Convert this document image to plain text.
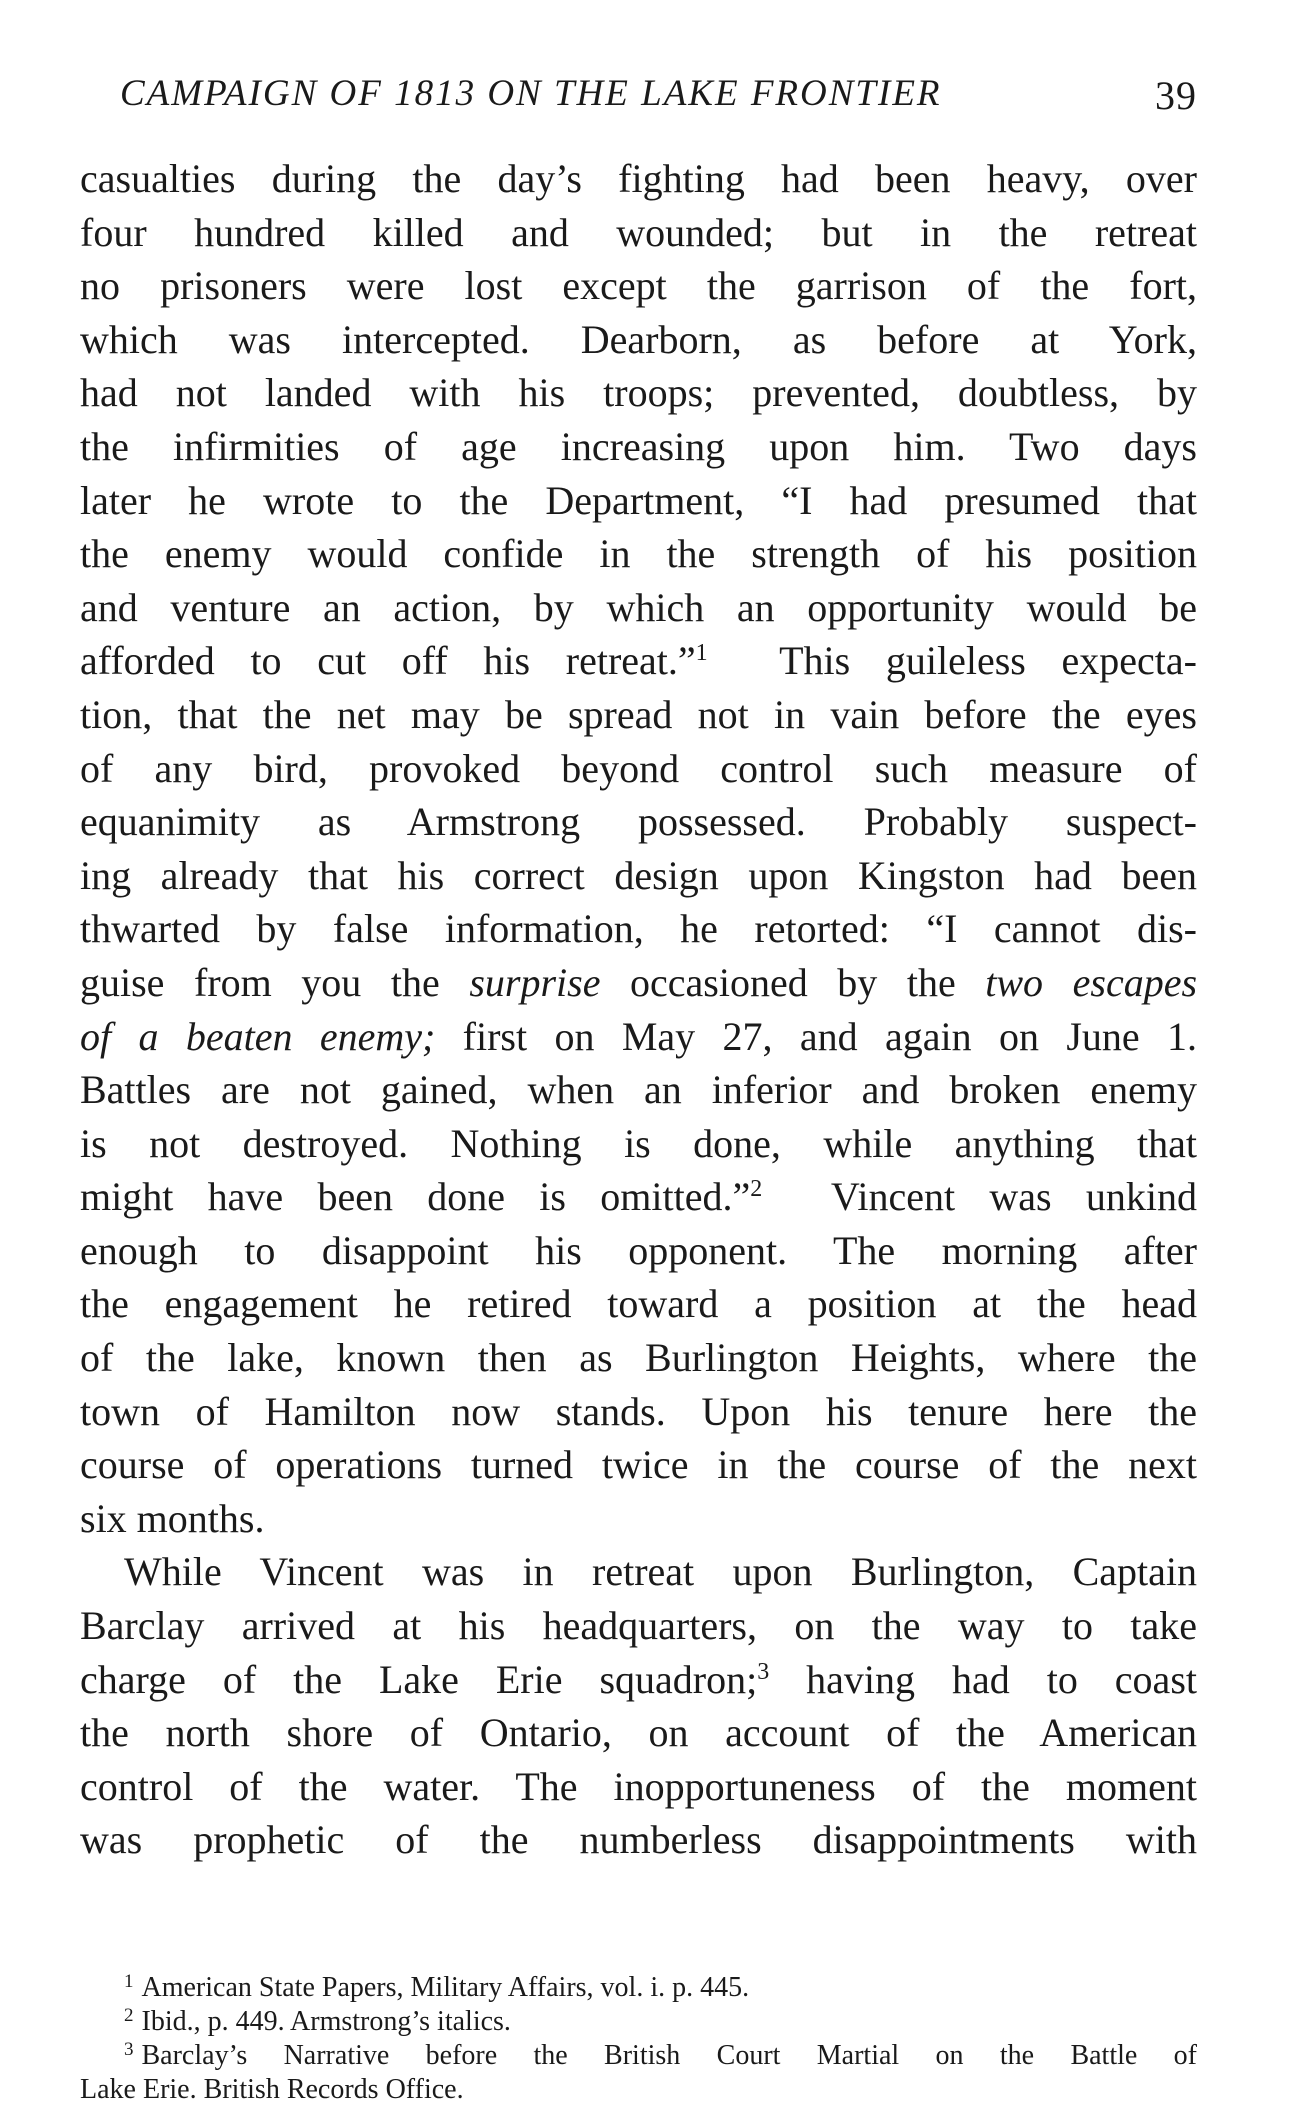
CAMPAIGN OF 1813 ON THE LAKE FRONTIER	39
casualties during the day’s fighting had been heavy, over
four hundred killed and wounded; but in the retreat
no prisoners were lost except the garrison of the fort,
which was intercepted. Dearborn, as before at York,
had not landed with his troops; prevented, doubtless, by
the infirmities of age increasing upon him. Two days
later he wrote to the Department, “I had presumed that
the enemy would confide in the strength of his position
and venture an action, by which an opportunity would be
afforded to cut off his retreat.”$^1$ This guileless expecta-
tion, that the net may be spread not in vain before the eyes
of any bird, provoked beyond control such measure of
equanimity as Armstrong possessed. Probably suspect-
ing already that his correct design upon Kingston had been
thwarted by false information, he retorted: “I cannot dis-
guise from you the surprise occasioned by the two escapes
of a beaten enemy; first on May 27, and again on June 1.
Battles are not gained, when an inferior and broken enemy
is not destroyed. Nothing is done, while anything that
might have been done is omitted.”$^2$ Vincent was unkind
enough to disappoint his opponent. The morning after
the engagement he retired toward a position at the head
of the lake, known then as Burlington Heights, where the
town of Hamilton now stands. Upon his tenure here the
course of operations turned twice in the course of the next
six months.
While Vincent was in retreat upon Burlington, Captain
Barclay arrived at his headquarters, on the way to take
charge of the Lake Erie squadron;$^3$ having had to coast
the north shore of Ontario, on account of the American
control of the water. The inopportuneness of the moment
was prophetic of the numberless disappointments with
$^1$ American State Papers, Military Affairs, vol. i. p. 445.
$^2$ Ibid., p. 449. Armstrong’s italics.
$^3$ Barclay’s Narrative before the British Court Martial on the Battle of
Lake Erie. British Records Office.
